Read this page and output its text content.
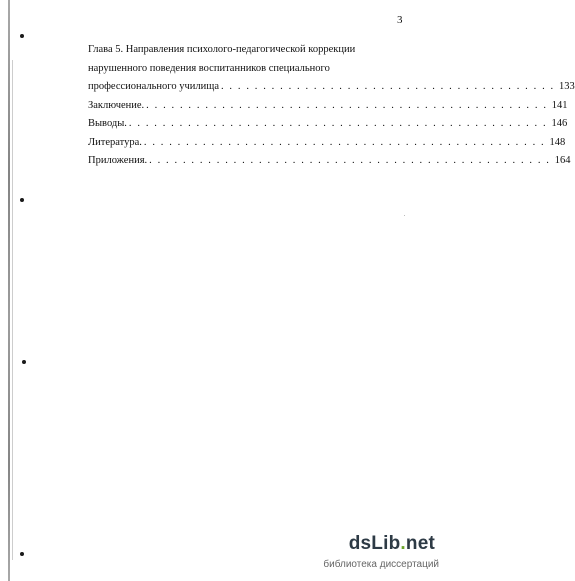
3
Глава 5. Направления психолого-педагогической коррекции
нарушенного поведения воспитанников специального
профессионального училища . . . . . . . . . . . . . . . . . . . . . . . . . . . . . . . . . . . . . . . . 133
Заключение. . . . . . . . . . . . . . . . . . . . . . . . . . . . . . . . . . . . . . . . . . . . . . . . . 141
Выводы. . . . . . . . . . . . . . . . . . . . . . . . . . . . . . . . . . . . . . . . . . . . . . . . . . . 146
Литература. . . . . . . . . . . . . . . . . . . . . . . . . . . . . . . . . . . . . . . . . . . . . . . . . 148
Приложения. . . . . . . . . . . . . . . . . . . . . . . . . . . . . . . . . . . . . . . . . . . . . . . . . 164
dsLib.net
библиотека диссертаций
